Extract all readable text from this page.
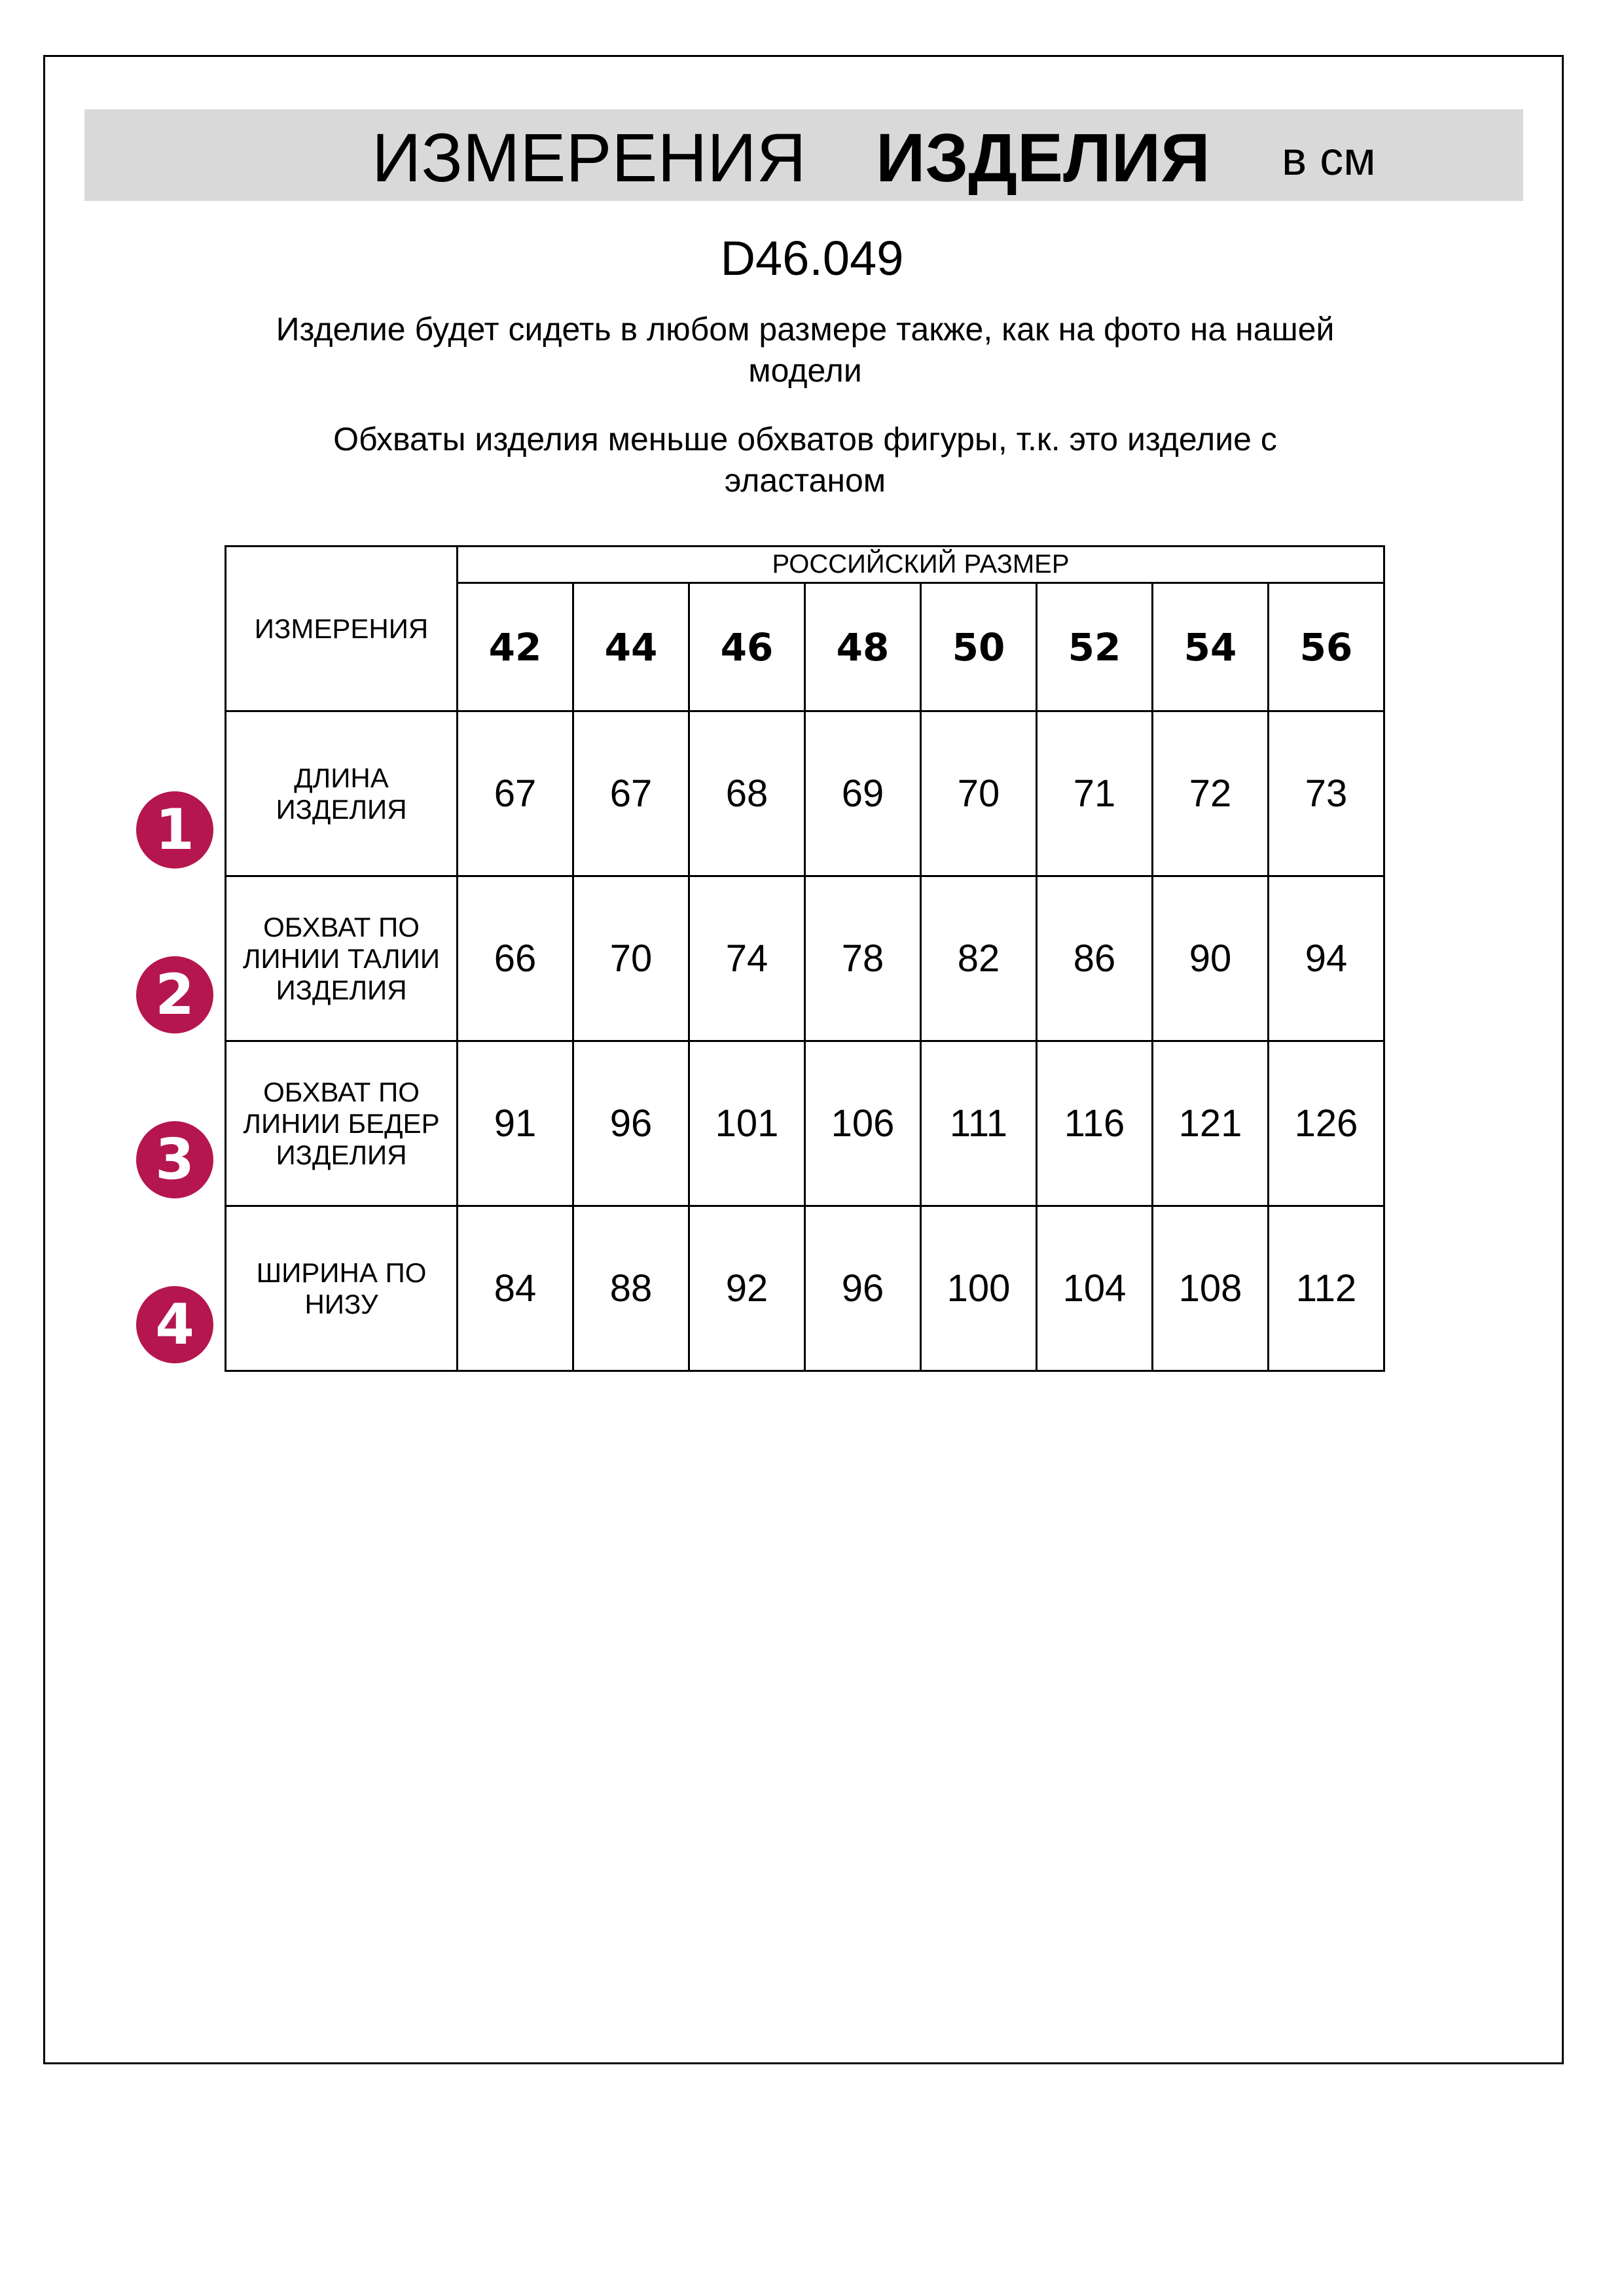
ИЗМЕРЕНИЯ ИЗДЕЛИЯ в см
D46.049
Изделие будет сидеть в любом размере также, как на фото на нашей модели
Обхваты изделия меньше обхватов фигуры, т.к. это изделие с эластаном
ИЗМЕРЕНИЯ	РОССИЙСКИЙ РАЗМЕР							
	42	44	46	48	50	52	54	56
ДЛИНА ИЗДЕЛИЯ	67	67	68	69	70	71	72	73
ОБХВАТ ПО ЛИНИИ ТАЛИИ ИЗДЕЛИЯ	66	70	74	78	82	86	90	94
ОБХВАТ ПО ЛИНИИ БЕДЕР ИЗДЕЛИЯ	91	96	101	106	111	116	121	126
ШИРИНА ПО НИЗУ	84	88	92	96	100	104	108	112
1
2
3
4
